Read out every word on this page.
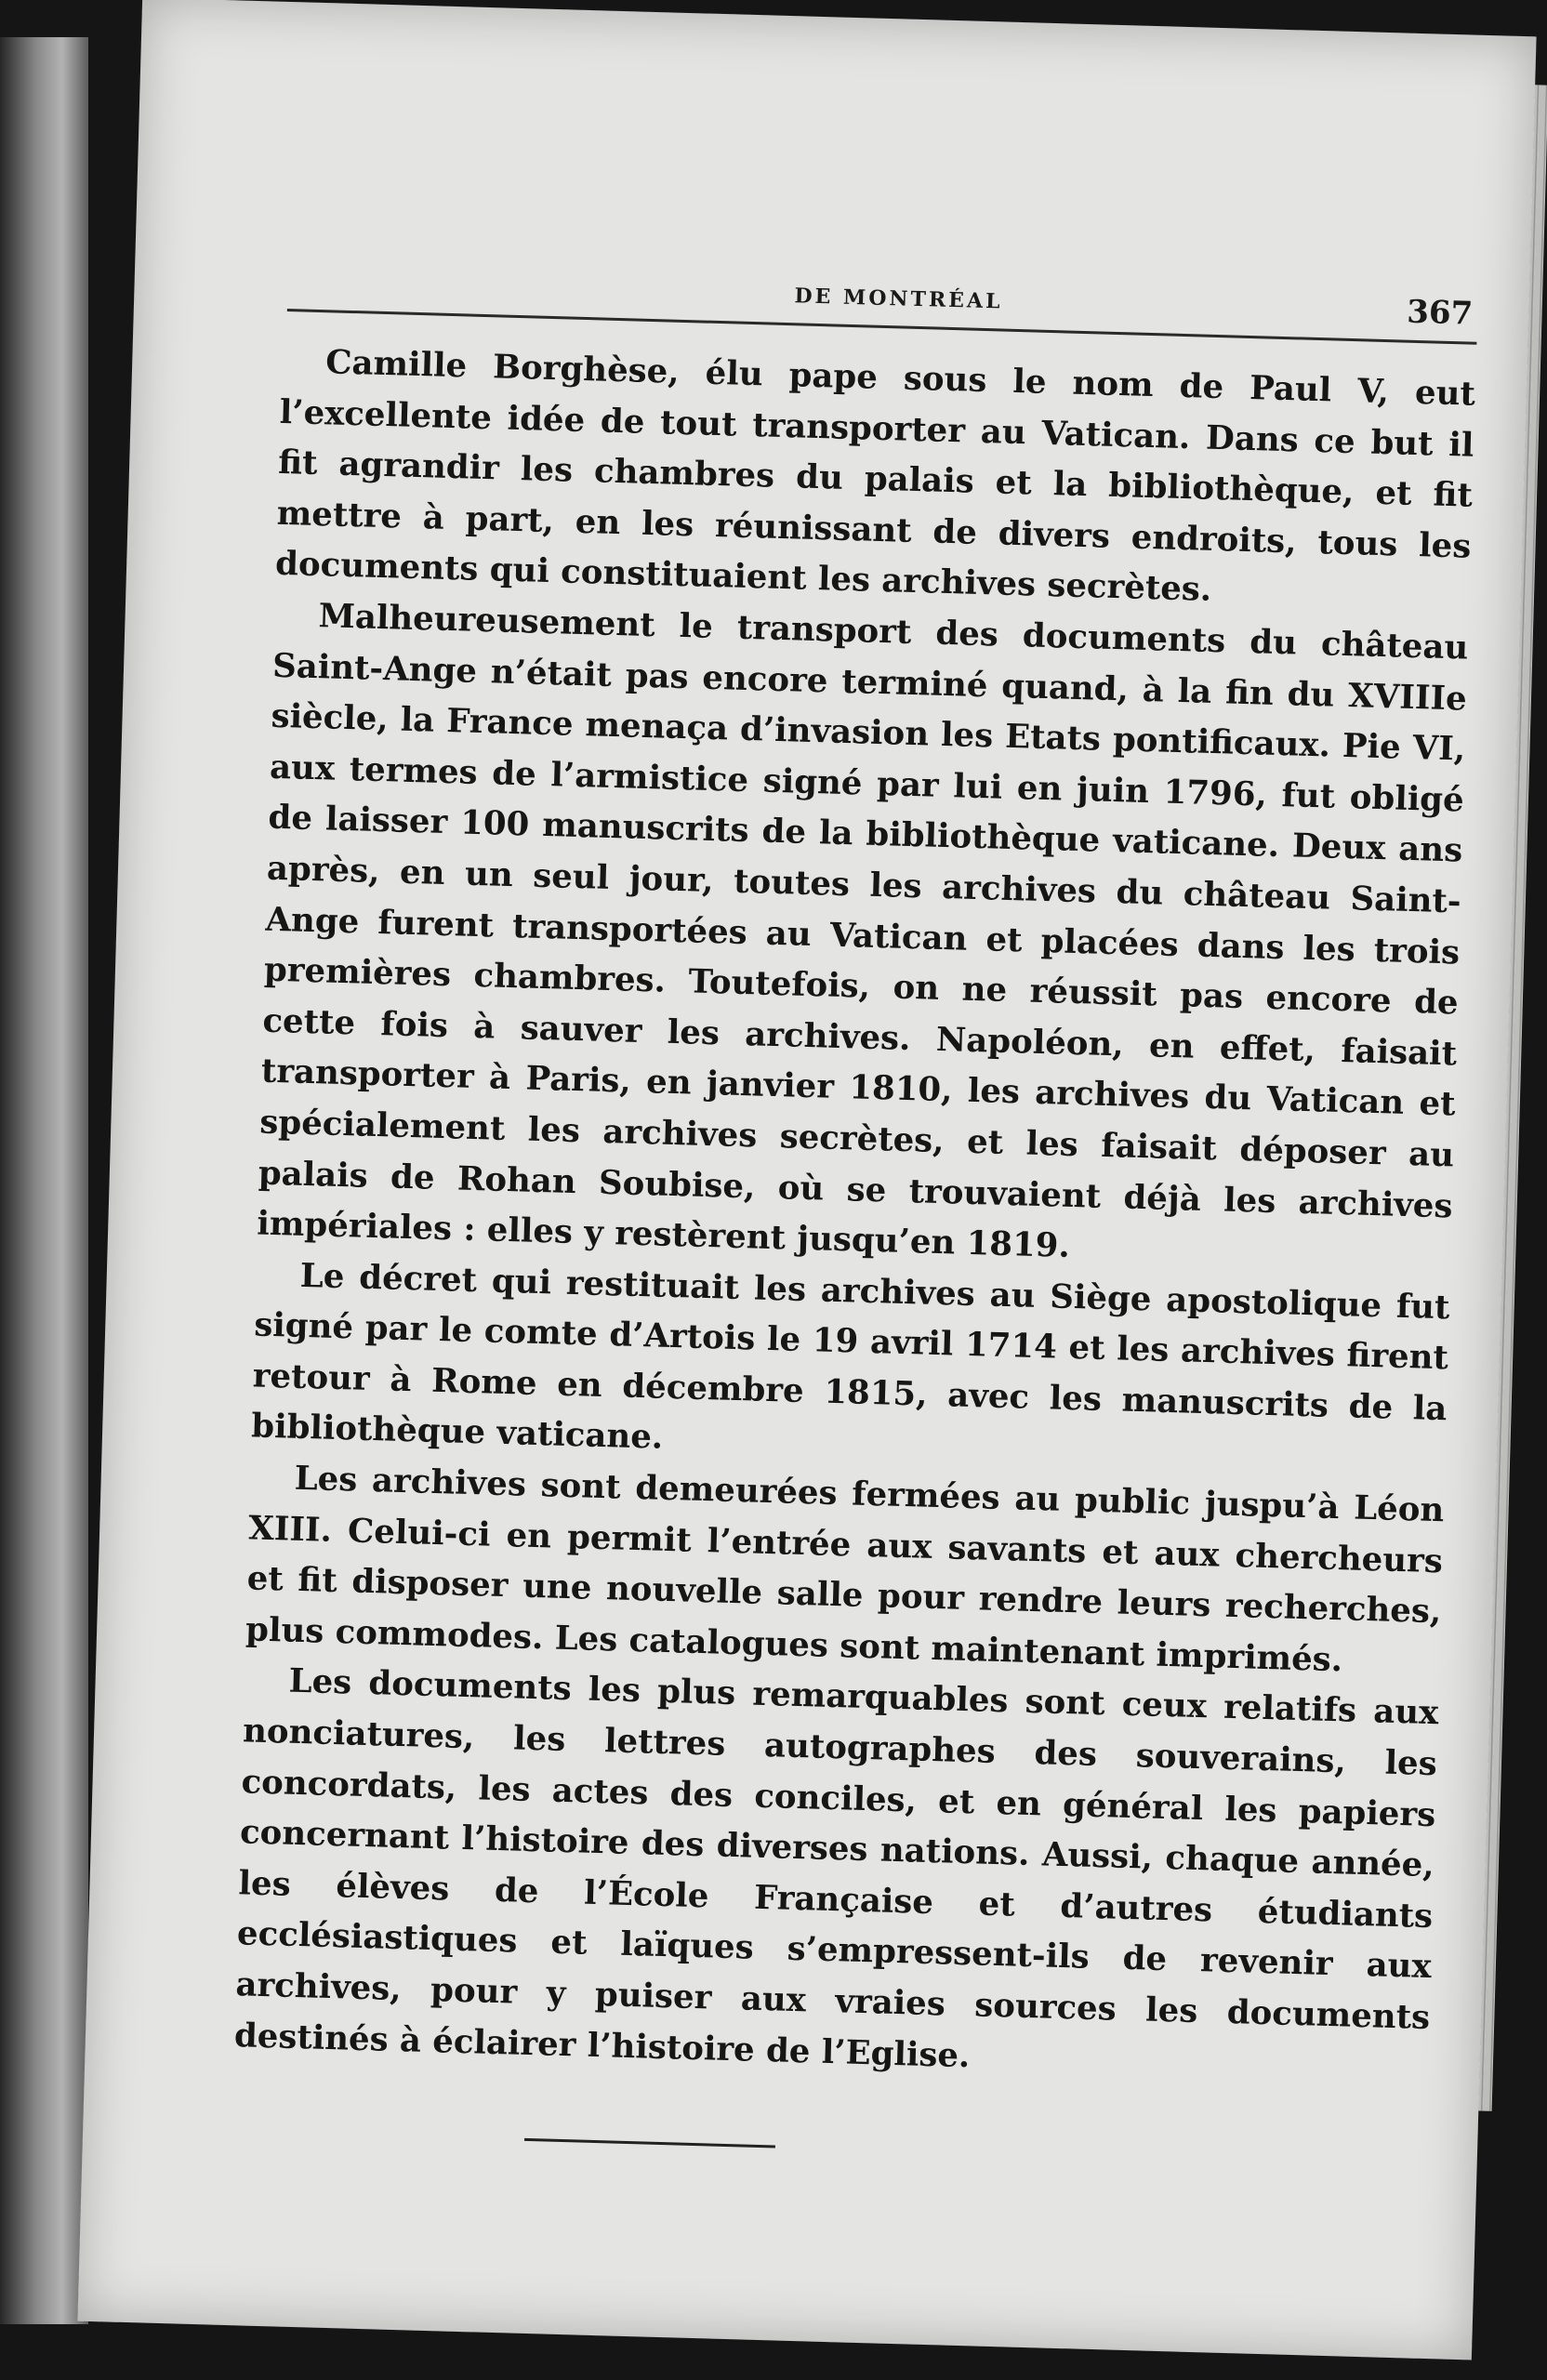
DE MONTRÉAL	367

Camille Borghèse, élu pape sous le nom de Paul V, eut l’excellente idée de tout transporter au Vatican. Dans ce but il fit agrandir les chambres du palais et la bibliothèque, et fit mettre à part, en les réunissant de divers endroits, tous les documents qui constituaient les archives secrètes.

Malheureusement le transport des documents du château Saint-Ange n’était pas encore terminé quand, à la fin du XVIIIe siècle, la France menaça d’invasion les Etats pontificaux. Pie VI, aux termes de l’armistice signé par lui en juin 1796, fut obligé de laisser 100 manuscrits de la bibliothèque vaticane. Deux ans après, en un seul jour, toutes les archives du château Saint-Ange furent transportées au Vatican et placées dans les trois premières chambres. Toutefois, on ne réussit pas encore de cette fois à sauver les archives. Napoléon, en effet, faisait transporter à Paris, en janvier 1810, les archives du Vatican et spécialement les archives secrètes, et les faisait déposer au palais de Rohan Soubise, où se trouvaient déjà les archives impériales : elles y restèrent jusqu’en 1819.

Le décret qui restituait les archives au Siège apostolique fut signé par le comte d’Artois le 19 avril 1714 et les archives firent retour à Rome en décembre 1815, avec les manuscrits de la bibliothèque vaticane.

Les archives sont demeurées fermées au public juspu’à Léon XIII. Celui-ci en permit l’entrée aux savants et aux chercheurs et fit disposer une nouvelle salle pour rendre leurs recherches, plus commodes. Les catalogues sont maintenant imprimés.

Les documents les plus remarquables sont ceux relatifs aux nonciatures, les lettres autographes des souverains, les concordats, les actes des conciles, et en général les papiers concernant l’histoire des diverses nations. Aussi, chaque année, les élèves de l’École Française et d’autres étudiants ecclésiastiques et laïques s’empressent-ils de revenir aux archives, pour y puiser aux vraies sources les documents destinés à éclairer l’histoire de l’Eglise.
